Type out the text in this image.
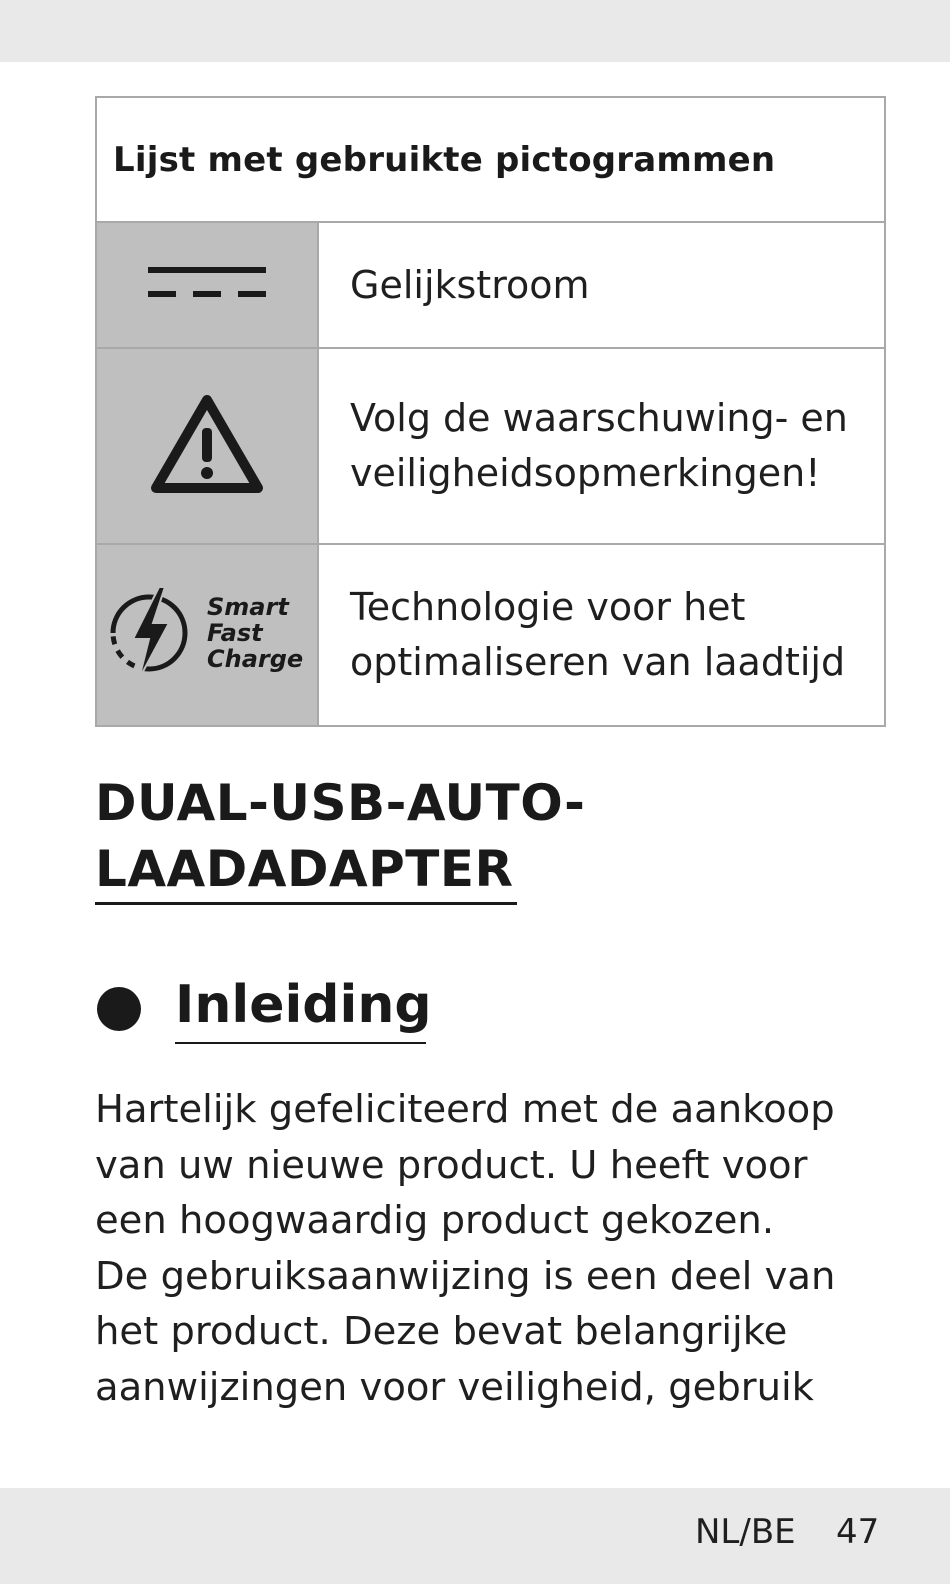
Lijst met gebruikte pictogrammen	

Gelijkstroom

Volg de waarschuwing- en
veiligheidsopmerkingen!

Smart
Fast
Charge	Technologie voor het
optimaliseren van laadtijd
DUAL-USB-AUTO-
LAADADAPTER
Inleiding

Hartelijk gefeliciteerd met de aankoop
van uw nieuwe product. U heeft voor
een hoogwaardig product gekozen.
De gebruiksaanwijzing is een deel van
het product. Deze bevat belangrijke
aanwijzingen voor veiligheid, gebruik

NL/BE 47
